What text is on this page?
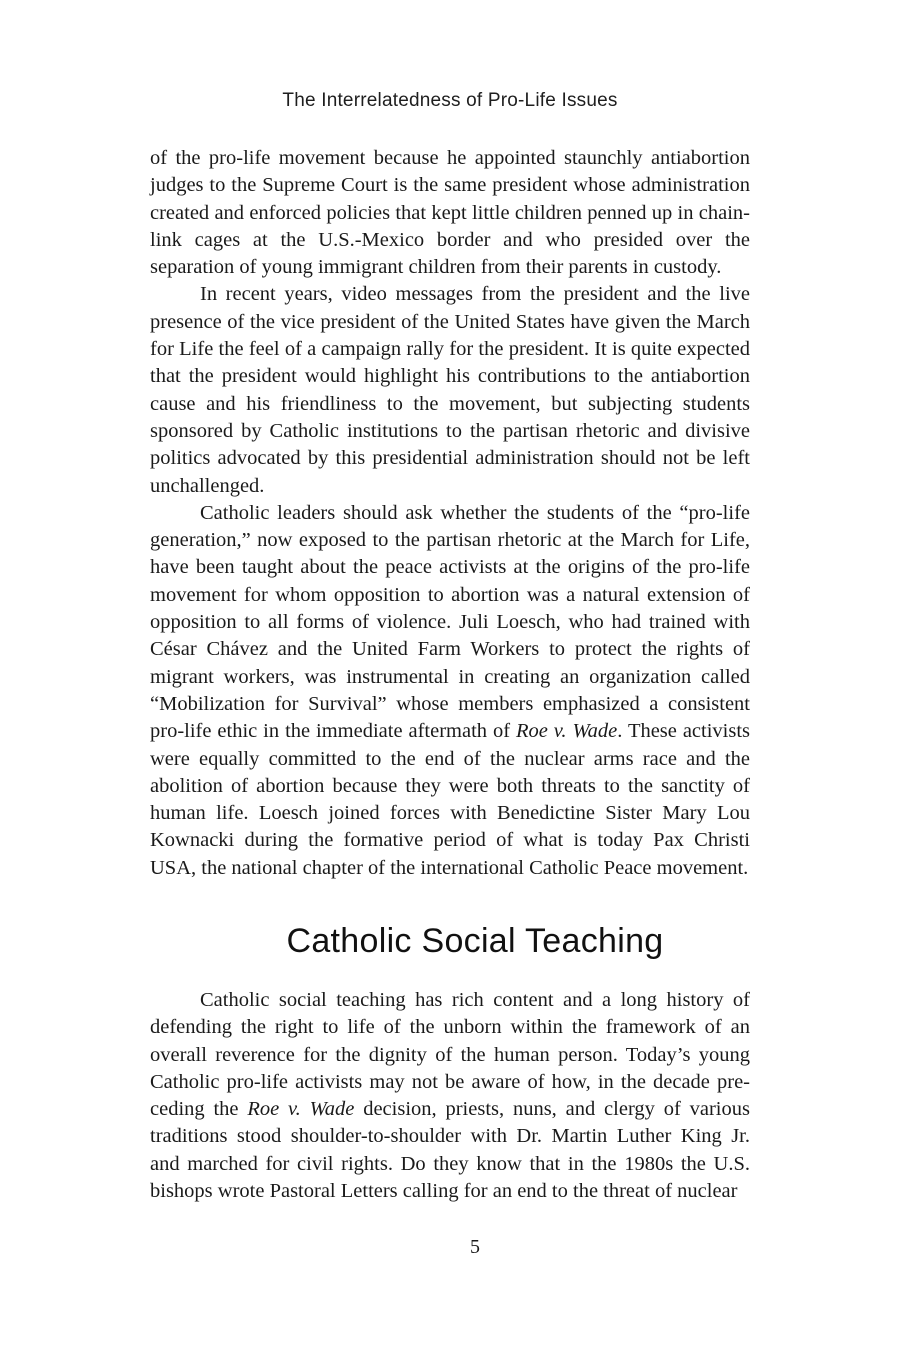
The Interrelatedness of Pro-Life Issues

of the pro-life movement because he appointed staunchly antiabortion judges to the Supreme Court is the same president whose administration created and enforced policies that kept little children penned up in chain-link cages at the U.S.-Mexico border and who presided over the separation of young immigrant children from their parents in custody.

In recent years, video messages from the president and the live presence of the vice president of the United States have given the March for Life the feel of a campaign rally for the president. It is quite expected that the president would highlight his contributions to the antiabortion cause and his friendliness to the movement, but subjecting students sponsored by Catholic institutions to the partisan rhetoric and divisive politics advocated by this presidential administration should not be left unchallenged.

Catholic leaders should ask whether the students of the “pro-life generation,” now exposed to the partisan rhetoric at the March for Life, have been taught about the peace activists at the origins of the pro-life movement for whom opposition to abortion was a natural extension of opposition to all forms of violence. Juli Loesch, who had trained with César Chávez and the United Farm Workers to protect the rights of migrant workers, was instrumental in creating an organization called “Mobilization for Survival” whose members emphasized a consistent pro-life ethic in the immediate aftermath of Roe v. Wade. These activists were equally committed to the end of the nuclear arms race and the abolition of abortion because they were both threats to the sanctity of human life. Loesch joined forces with Benedictine Sister Mary Lou Kownacki during the formative period of what is today Pax Christi USA, the national chapter of the international Catholic Peace movement.

Catholic Social Teaching

Catholic social teaching has rich content and a long history of defending the right to life of the unborn within the framework of an overall reverence for the dignity of the human person. Today’s young Catholic pro-life activists may not be aware of how, in the decade preceding the Roe v. Wade decision, priests, nuns, and clergy of various traditions stood shoulder-to-shoulder with Dr. Martin Luther King Jr. and marched for civil rights. Do they know that in the 1980s the U.S. bishops wrote Pastoral Letters calling for an end to the threat of nuclear

5
